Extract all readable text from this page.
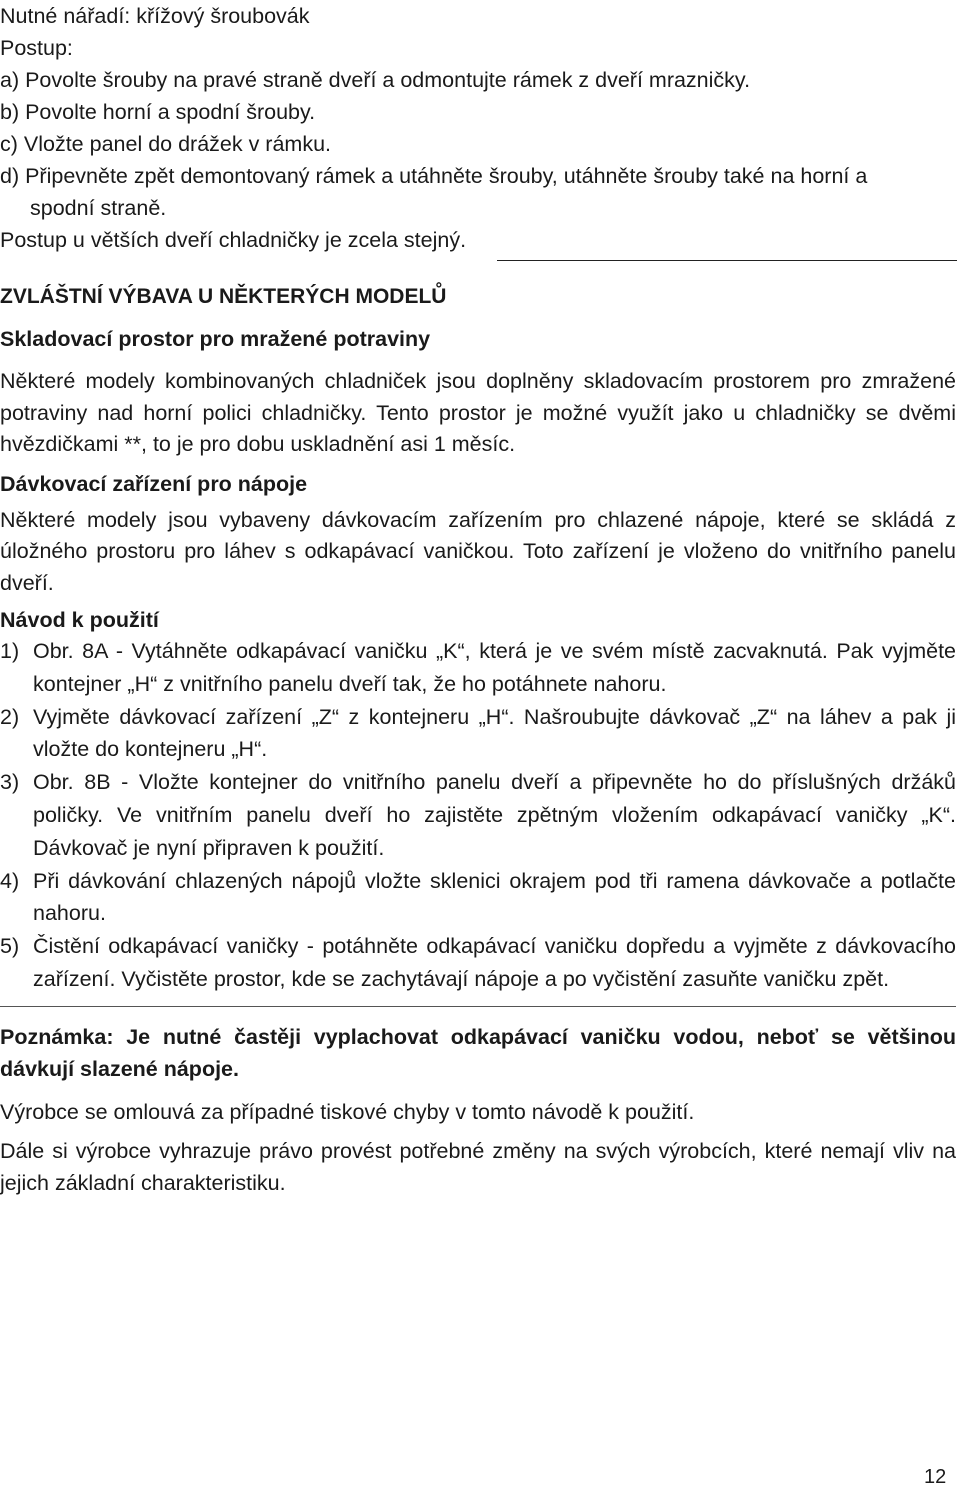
Nutné nářadí: křížový šroubovák
Postup:
a) Povolte šrouby na pravé straně dveří a odmontujte rámek z dveří mrazničky.
b) Povolte horní a spodní šrouby.
c) Vložte panel do drážek v rámku.
d) Připevněte zpět demontovaný rámek a utáhněte šrouby, utáhněte šrouby také na horní a
spodní straně.
Postup u větších dveří chladničky je zcela stejný.
ZVLÁŠTNÍ VÝBAVA U NĚKTERÝCH MODELŮ
Skladovací prostor pro mražené potraviny

Některé modely kombinovaných chladniček jsou doplněny skladovacím prostorem pro zmražené potraviny nad horní polici chladničky. Tento prostor je možné využít jako u chladničky se dvěmi hvězdičkami **, to je pro dobu uskladnění asi 1 měsíc.

Dávkovací zařízení pro nápoje

Některé modely jsou vybaveny dávkovacím zařízením pro chlazené nápoje, které se skládá z úložného prostoru pro láhev s odkapávací vaničkou. Toto zařízení je vloženo do vnitřního panelu dveří.

Návod k použití
1) Obr. 8A - Vytáhněte odkapávací vaničku „K“, která je ve svém místě zacvaknutá. Pak vyjměte kontejner „H“ z vnitřního panelu dveří tak, že ho potáhnete nahoru.
2) Vyjměte dávkovací zařízení „Z“ z kontejneru „H“. Našroubujte dávkovač „Z“ na láhev a pak ji vložte do kontejneru „H“.
3) Obr. 8B - Vložte kontejner do vnitřního panelu dveří a připevněte ho do příslušných držáků poličky. Ve vnitřním panelu dveří ho zajistěte zpětným vložením odkapávací vaničky „K“. Dávkovač je nyní připraven k použití.
4) Při dávkování chlazených nápojů vložte sklenici okrajem pod tři ramena dávkovače a potlačte nahoru.
5) Čistění odkapávací vaničky - potáhněte odkapávací vaničku dopředu a vyjměte z dávkovacího zařízení. Vyčistěte prostor, kde se zachytávají nápoje a po vyčistění zasuňte vaničku zpět.

Poznámka: Je nutné častěji vyplachovat odkapávací vaničku vodou, neboť se většinou dávkují slazené nápoje.

Výrobce se omlouvá za případné tiskové chyby v tomto návodě k použití.

Dále si výrobce vyhrazuje právo provést potřebné změny na svých výrobcích, které nemají vliv na jejich základní charakteristiku.

12
